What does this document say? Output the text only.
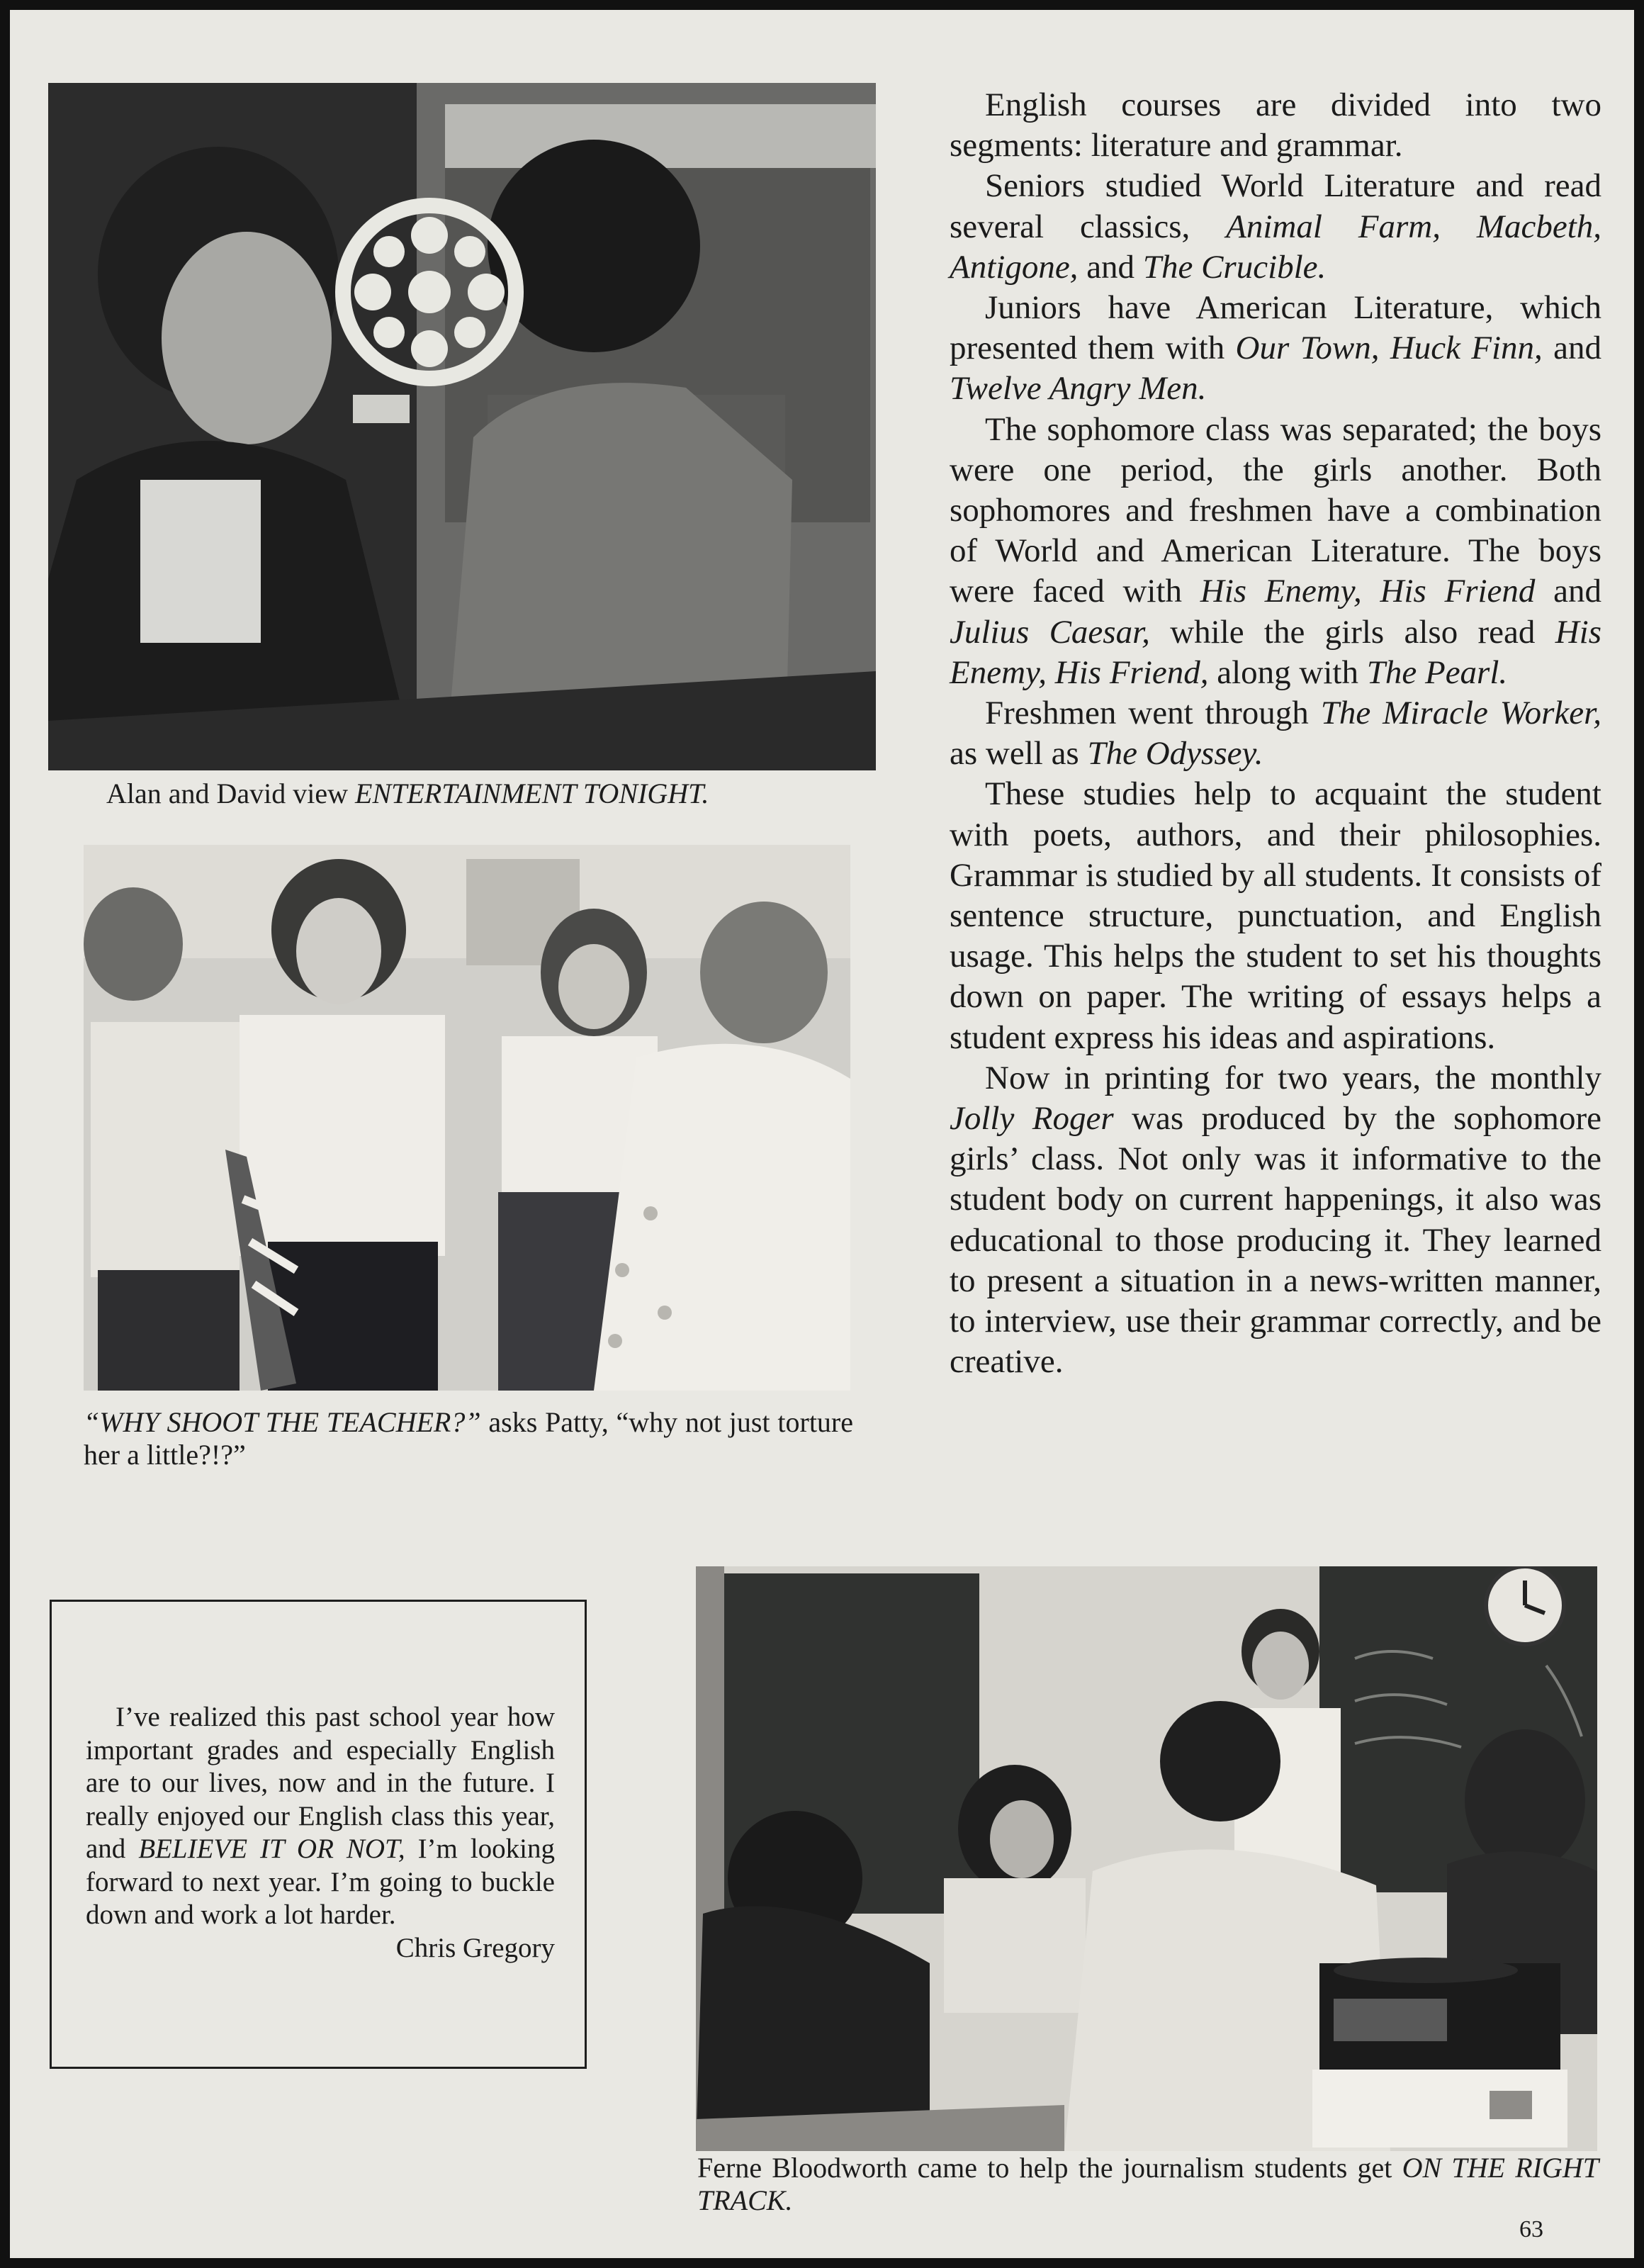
Alan and David view ENTERTAINMENT TONIGHT.
“WHY SHOOT THE TEACHER?” asks Patty, “why not just torture her a little?!?”

English courses are divided into two segments: literature and grammar.

Seniors studied World Literature and read several classics, Animal Farm, Macbeth, Antigone, and The Crucible.

Juniors have American Literature, which presented them with Our Town, Huck Finn, and Twelve Angry Men.

The sophomore class was separated; the boys were one period, the girls another. Both sophomores and freshmen have a combination of World and American Literature. The boys were faced with His Enemy, His Friend and Julius Caesar, while the girls also read His Enemy, His Friend, along with The Pearl.

Freshmen went through The Miracle Worker, as well as The Odyssey.

These studies help to acquaint the student with poets, authors, and their philosophies. Grammar is studied by all students. It consists of sentence structure, punctuation, and English usage. This helps the student to set his thoughts down on paper. The writing of essays helps a student express his ideas and aspirations.

Now in printing for two years, the monthly Jolly Roger was produced by the sophomore girls’ class. Not only was it informative to the student body on current happenings, it also was educational to those producing it. They learned to present a situation in a news-written manner, to interview, use their grammar correctly, and be creative.

I’ve realized this past school year how important grades and especially English are to our lives, now and in the future. I really enjoyed our English class this year, and BELIEVE IT OR NOT, I’m looking forward to next year. I’m going to buckle down and work a lot harder.

Chris Gregory
Ferne Bloodworth came to help the journalism students get ON THE RIGHT TRACK.
63
